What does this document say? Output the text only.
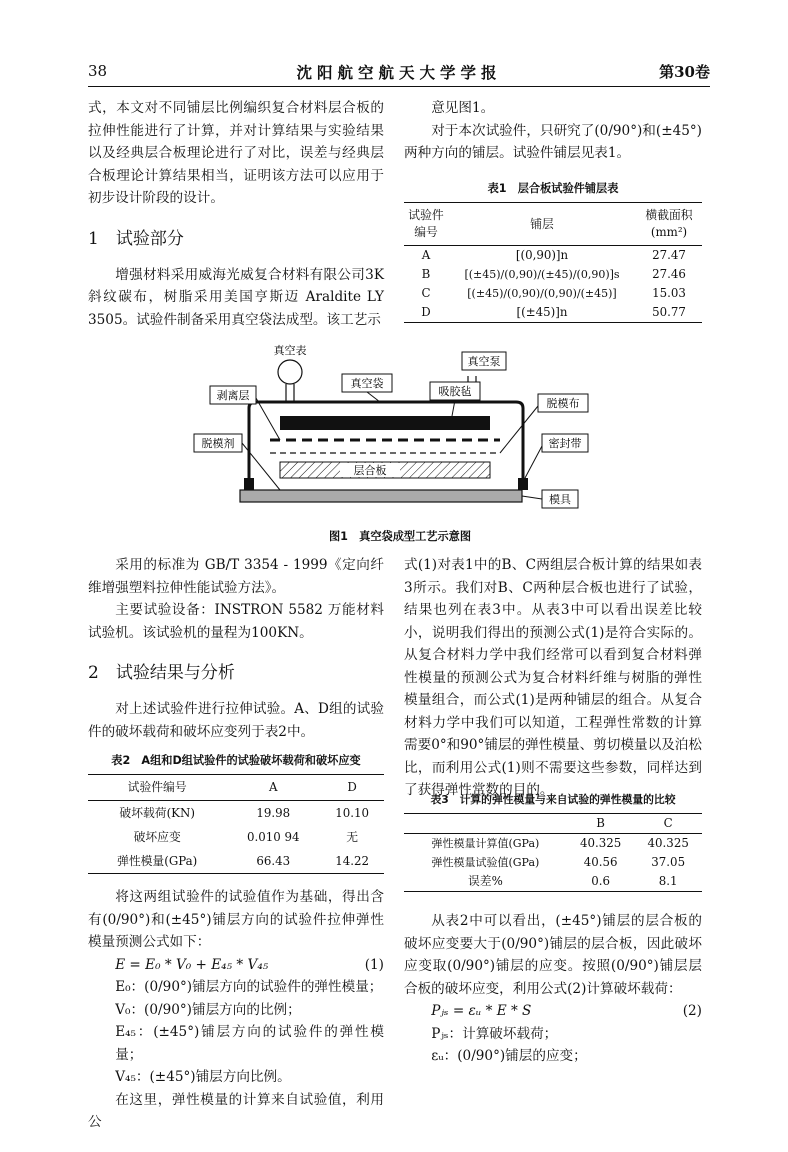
38	沈阳航空航天大学学报	第30卷

式，本文对不同铺层比例编织复合材料层合板的拉伸性能进行了计算，并对计算结果与实验结果以及经典层合板理论进行了对比，误差与经典层合板理论计算结果相当，证明该方法可以应用于初步设计阶段的设计。

1　试验部分

增强材料采用威海光威复合材料有限公司3K斜纹碳布，树脂采用美国亨斯迈 Araldite LY 3505。试验件制备采用真空袋法成型。该工艺示

意见图1。

对于本次试验件，只研究了(0/90°)和(±45°)两种方向的铺层。试验件铺层见表1。

表1　层合板试验件铺层表
试验件
编号	铺层	横截面积
(mm²)
A	[(0,90)]n	27.47
B	[(±45)/(0,90)/(±45)/(0,90)]s	27.46
C	[(±45)/(0,90)/(0,90)/(±45)]	15.03
D	[(±45)]n	50.77
层合板
真空表
真空袋
吸胶毡
真空泵
剥离层
脱模布
脱模剂	密封带
模具
图1　真空袋成型工艺示意图

采用的标准为 GB/T 3354 - 1999《定向纤维增强塑料拉伸性能试验方法》。

主要试验设备：INSTRON 5582 万能材料试验机。该试验机的量程为100KN。

2　试验结果与分析

对上述试验件进行拉伸试验。A、D组的试验件的破坏载荷和破坏应变列于表2中。

表2　A组和D组试验件的试验破坏载荷和破坏应变
试验件编号	A	D
破坏载荷(KN)	19.98	10.10
破坏应变	0.010 94	无
弹性模量(GPa)	66.43	14.22

将这两组试验件的试验值作为基础，得出含有(0/90°)和(±45°)铺层方向的试验件拉伸弹性模量预测公式如下：

E = E₀ * V₀ + E₄₅ * V₄₅	(1)

E₀：(0/90°)铺层方向的试验件的弹性模量；

V₀：(0/90°)铺层方向的比例；

E₄₅：(±45°)铺层方向的试验件的弹性模量；

V₄₅：(±45°)铺层方向比例。

在这里，弹性模量的计算来自试验值，利用公

式(1)对表1中的B、C两组层合板计算的结果如表3所示。我们对B、C两种层合板也进行了试验，结果也列在表3中。从表3中可以看出误差比较小，说明我们得出的预测公式(1)是符合实际的。从复合材料力学中我们经常可以看到复合材料弹性模量的预测公式为复合材料纤维与树脂的弹性模量组合，而公式(1)是两种铺层的组合。从复合材料力学中我们可以知道，工程弹性常数的计算需要0°和90°铺层的弹性模量、剪切模量以及泊松比，而利用公式(1)则不需要这些参数，同样达到了获得弹性常数的目的。

表3　计算的弹性模量与来自试验的弹性模量的比较
	B	C
弹性模量计算值(GPa)	40.325	40.325
弹性模量试验值(GPa)	40.56	37.05
误差%	0.6	8.1

从表2中可以看出，(±45°)铺层的层合板的破坏应变要大于(0/90°)铺层的层合板，因此破坏应变取(0/90°)铺层的应变。按照(0/90°)铺层层合板的破坏应变，利用公式(2)计算破坏载荷：

Pⱼₛ = εᵤ * E * S	(2)

Pⱼₛ：计算破坏载荷；

εᵤ：(0/90°)铺层的应变；
